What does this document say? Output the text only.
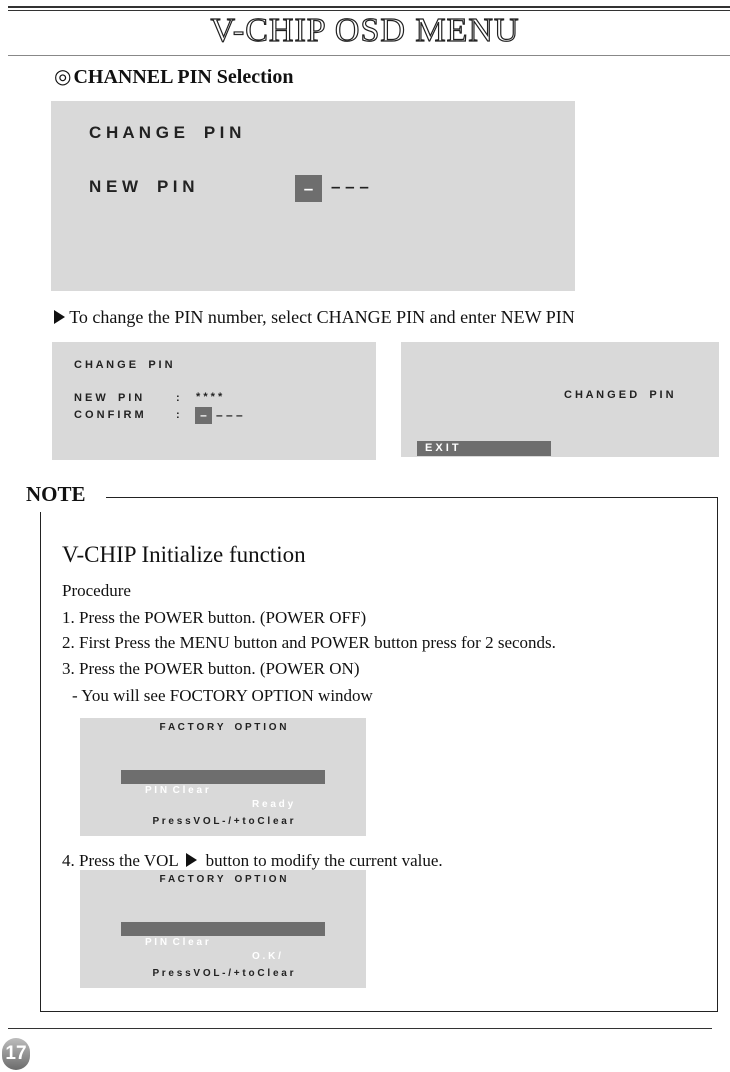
V-CHIP OSD MENU
◎ CHANNEL PIN Selection
C H A N G E    P I N
N E W    P I N	–	– – –
To change the PIN number, select CHANGE PIN and enter NEW PIN
C H A N G E    P I N
N E W    P I N	: * * * *
C O N F I R M	:	– – – –
C H A N G E D    P I N
E X I T
NOTE
V-CHIP Initialize function
Procedure
1. Press the POWER button. (POWER OFF)
2. First Press the MENU button and POWER button press for 2 seconds.
3. Press the POWER button. (POWER ON)
- You will see FOCTORY OPTION window
F A C T O R Y    O P T I O N

P I N  C l e a r

R e a d y

P r e s s V O L - / + t o C l e a r
4. Press the VOL button to modify the current value.
F A C T O R Y    O P T I O N

P I N  C l e a r

O . K /

P r e s s V O L - / + t o C l e a r
17
